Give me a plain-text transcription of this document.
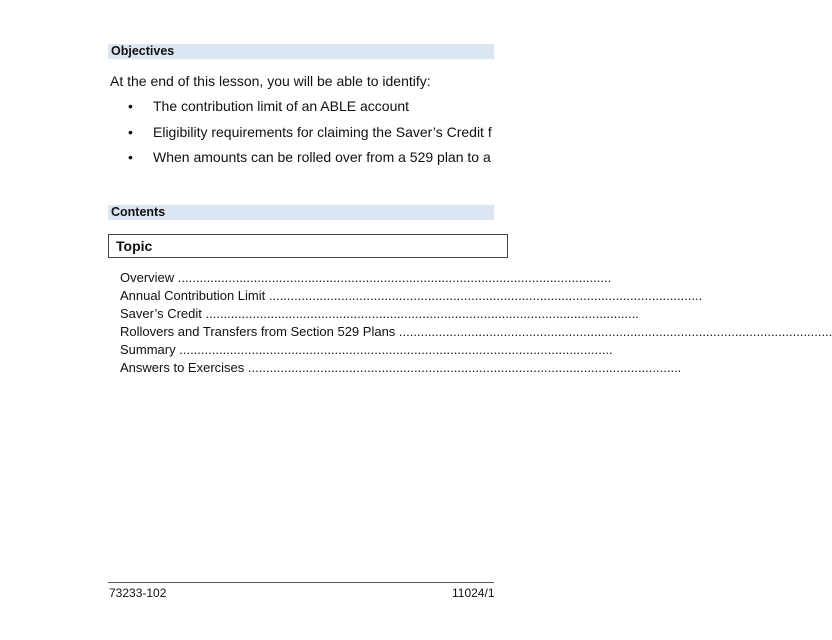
Objectives
At the end of this lesson, you will be able to identify:
• The contribution limit of an ABLE account
• Eligibility requirements for claiming the Saver’s Credit f
• When amounts can be rolled over from a 529 plan to a
Contents
Topic
Overview ........................................................................................................................
Annual Contribution Limit ........................................................................................................................
Saver’s Credit ........................................................................................................................
Rollovers and Transfers from Section 529 Plans ........................................................................................................................
Summary ........................................................................................................................
Answers to Exercises ........................................................................................................................
73233-102	11024/1
